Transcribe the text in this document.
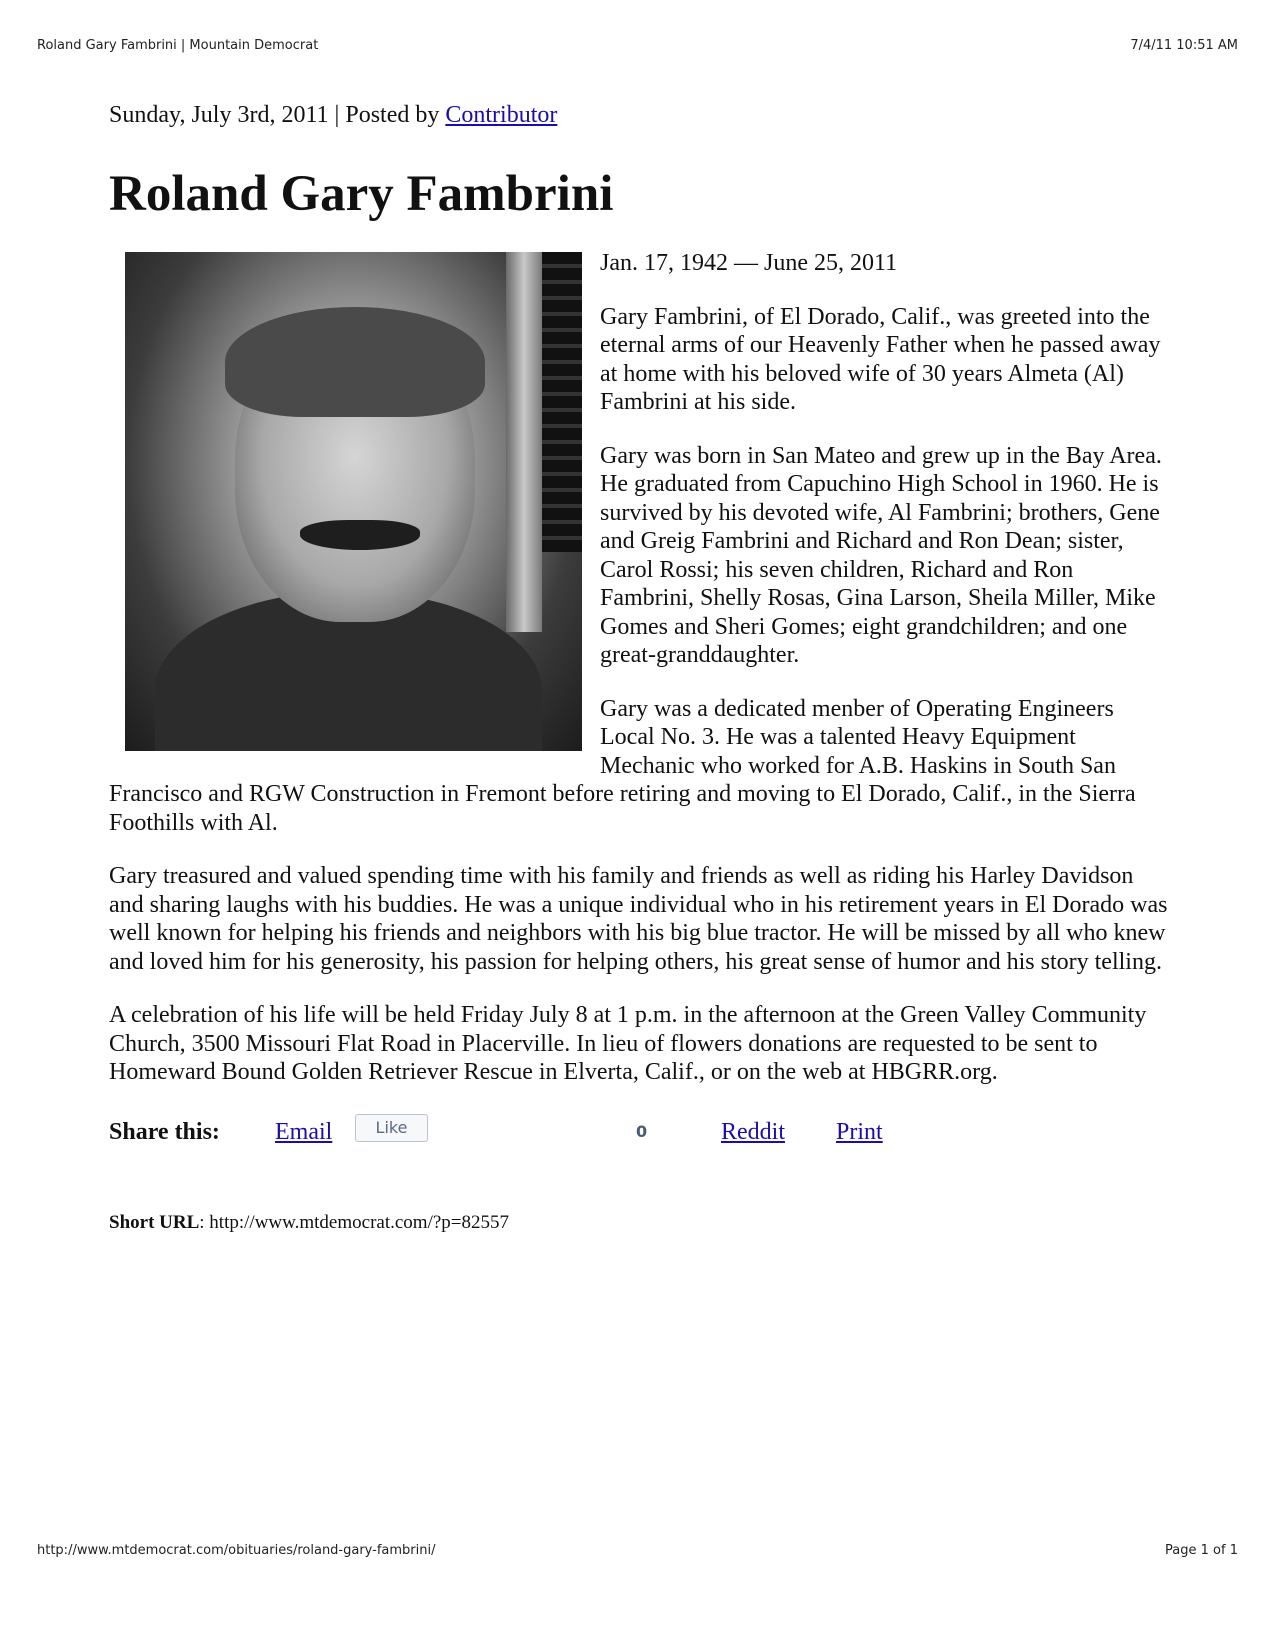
Roland Gary Fambrini | Mountain Democrat	7/4/11 10:51 AM

Sunday, July 3rd, 2011 | Posted by Contributor

Roland Gary Fambrini

Jan. 17, 1942 — June 25, 2011

Gary Fambrini, of El Dorado, Calif., was greeted into the eternal arms of our Heavenly Father when he passed away at home with his beloved wife of 30 years Almeta (Al) Fambrini at his side.

Gary was born in San Mateo and grew up in the Bay Area. He graduated from Capuchino High School in 1960. He is survived by his devoted wife, Al Fambrini; brothers, Gene and Greig Fambrini and Richard and Ron Dean; sister, Carol Rossi; his seven children, Richard and Ron Fambrini, Shelly Rosas, Gina Larson, Sheila Miller, Mike Gomes and Sheri Gomes; eight grandchildren; and one great-granddaughter.

Gary was a dedicated menber of Operating Engineers Local No. 3. He was a talented Heavy Equipment Mechanic who worked for A.B. Haskins in South San Francisco and RGW Construction in Fremont before retiring and moving to El Dorado, Calif., in the Sierra Foothills with Al.

Gary treasured and valued spending time with his family and friends as well as riding his Harley Davidson and sharing laughs with his buddies. He was a unique individual who in his retirement years in El Dorado was well known for helping his friends and neighbors with his big blue tractor. He will be missed by all who knew and loved him for his generosity, his passion for helping others, his great sense of humor and his story telling.

A celebration of his life will be held Friday July 8 at 1 p.m. in the afternoon at the Green Valley Community Church, 3500 Missouri Flat Road in Placerville. In lieu of flowers donations are requested to be sent to Homeward Bound Golden Retriever Rescue in Elverta, Calif., or on the web at HBGRR.org.

Share this: Email	Like	0	Reddit Print

Short URL: http://www.mtdemocrat.com/?p=82557

http://www.mtdemocrat.com/obituaries/roland-gary-fambrini/	Page 1 of 1
